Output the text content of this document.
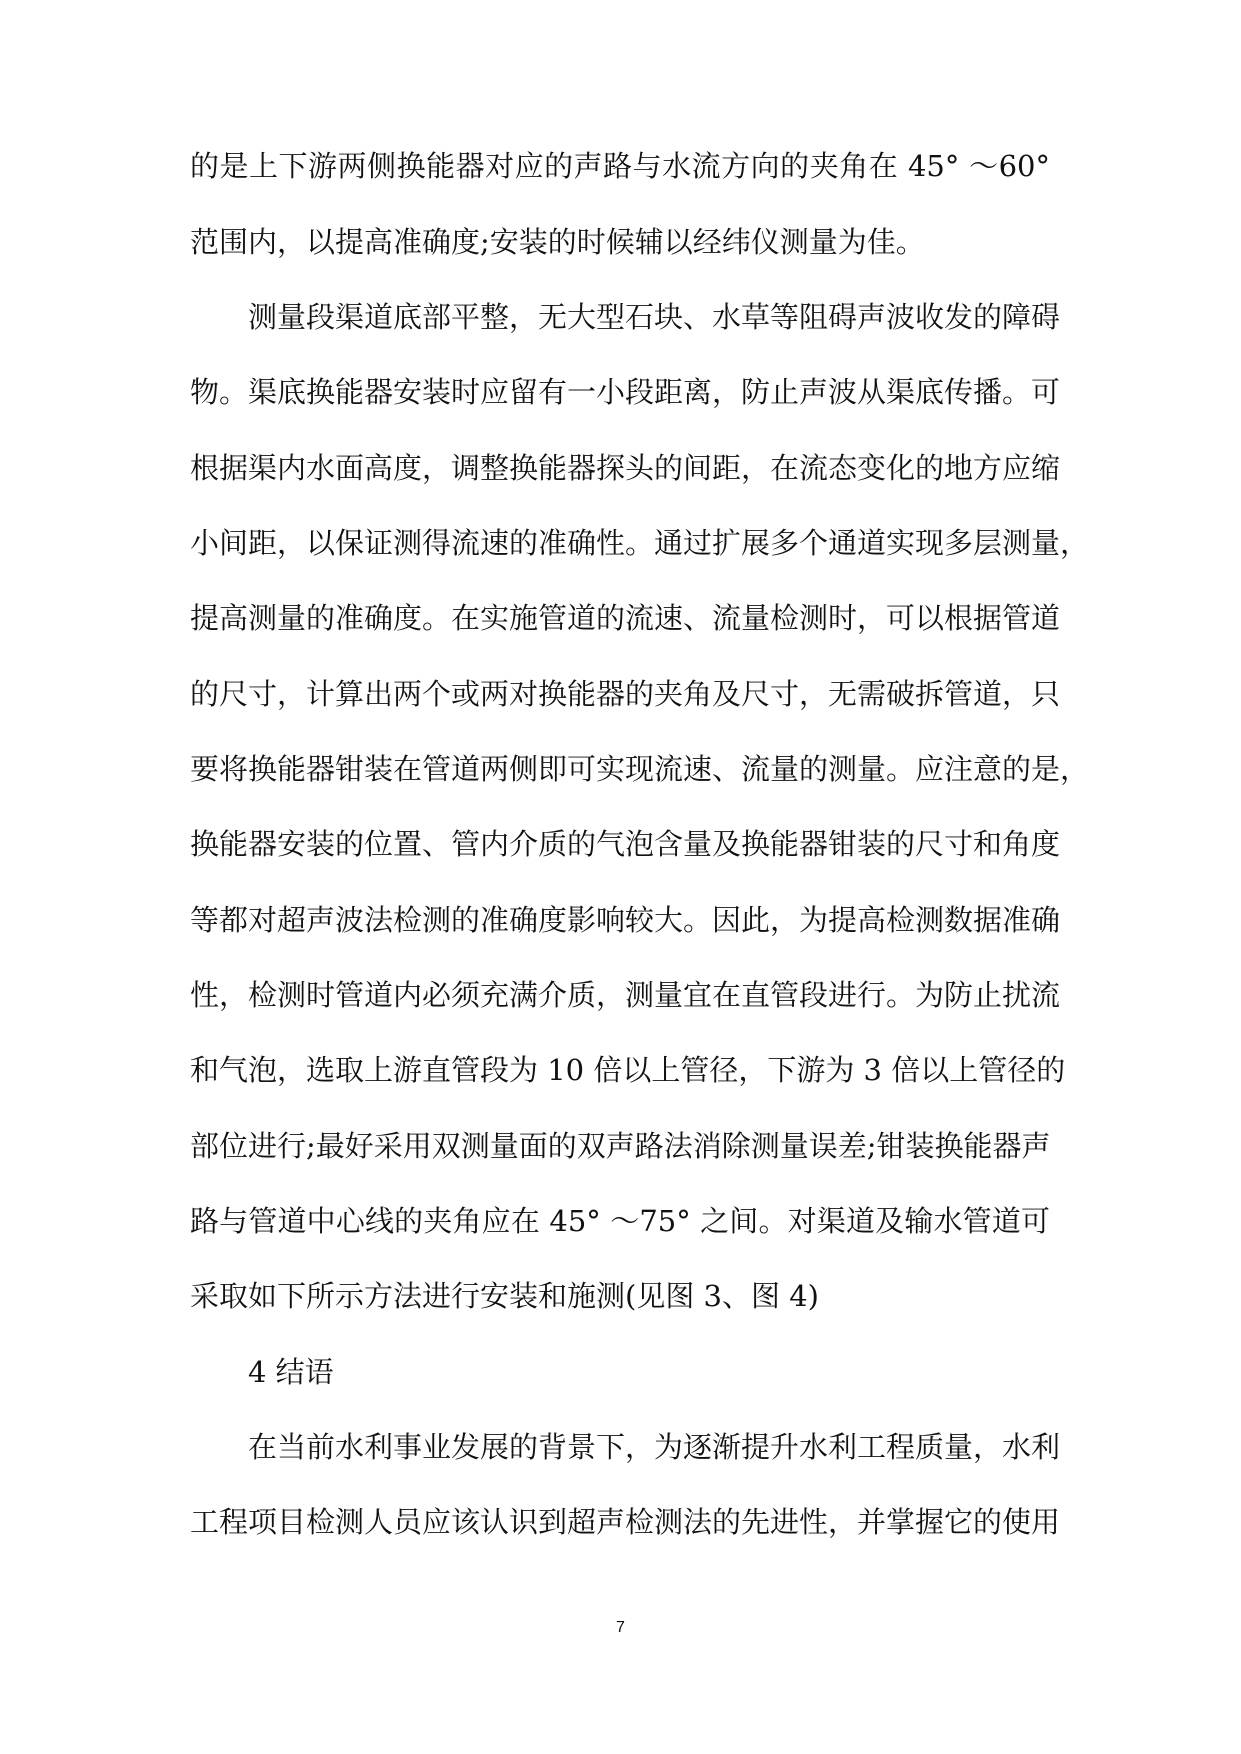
的是上下游两侧换能器对应的声路与水流方向的夹角在 45° ～60°
范围内，以提高准确度;安装的时候辅以经纬仪测量为佳。
测量段渠道底部平整，无大型石块、水草等阻碍声波收发的障碍
物。渠底换能器安装时应留有一小段距离，防止声波从渠底传播。可
根据渠内水面高度，调整换能器探头的间距，在流态变化的地方应缩
小间距，以保证测得流速的准确性。通过扩展多个通道实现多层测量，
提高测量的准确度。在实施管道的流速、流量检测时，可以根据管道
的尺寸，计算出两个或两对换能器的夹角及尺寸，无需破拆管道，只
要将换能器钳装在管道两侧即可实现流速、流量的测量。应注意的是，
换能器安装的位置、管内介质的气泡含量及换能器钳装的尺寸和角度
等都对超声波法检测的准确度影响较大。因此，为提高检测数据准确
性，检测时管道内必须充满介质，测量宜在直管段进行。为防止扰流
和气泡，选取上游直管段为 10 倍以上管径，下游为 3 倍以上管径的
部位进行;最好采用双测量面的双声路法消除测量误差;钳装换能器声
路与管道中心线的夹角应在 45° ～75° 之间。对渠道及输水管道可
采取如下所示方法进行安装和施测(见图 3、图 4)
4 结语
在当前水利事业发展的背景下，为逐渐提升水利工程质量，水利
工程项目检测人员应该认识到超声检测法的先进性，并掌握它的使用
7
